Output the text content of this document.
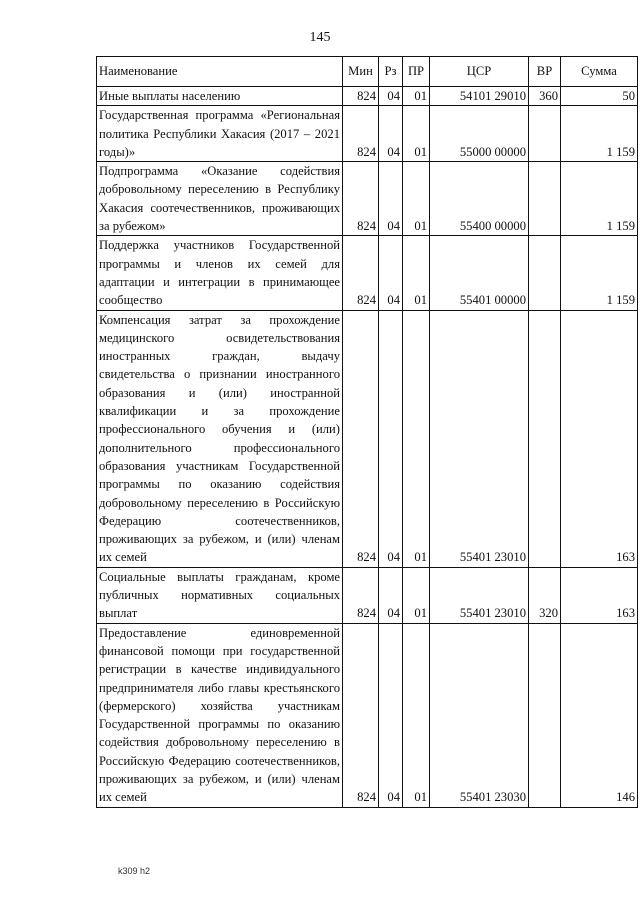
145
Наименование	Мин	Рз	ПР	ЦСР	ВР	Сумма
Иные выплаты населению	824	04	01	54101 29010	360	50
Государственная программа «Региональная политика Республики Хакасия (2017 – 2021 годы)»	824	04	01	55000 00000		1 159
Подпрограмма «Оказание содействия добровольному переселению в Республику Хакасия соотечественников, проживающих за рубежом»	824	04	01	55400 00000		1 159
Поддержка участников Государственной программы и членов их семей для адаптации и интеграции в принимающее сообщество	824	04	01	55401 00000		1 159
Компенсация затрат за прохождение медицинского освидетельствования иностранных граждан, выдачу свидетельства о признании иностранного образования и (или) иностранной квалификации и за прохождение профессионального обучения и (или) дополнительного профессионального образования участникам Государственной программы по оказанию содействия добровольному переселению в Российскую Федерацию соотечественников, проживающих за рубежом, и (или) членам их семей	824	04	01	55401 23010		163
Социальные выплаты гражданам, кроме публичных нормативных социальных выплат	824	04	01	55401 23010	320	163
Предоставление единовременной финансовой помощи при государственной регистрации в качестве индивидуального предпринимателя либо главы крестьянского (фермерского) хозяйства участникам Государственной программы по оказанию содействия добровольному переселению в Российскую Федерацию соотечественников, проживающих за рубежом, и (или) членам их семей	824	04	01	55401 23030		146
k309 h2
